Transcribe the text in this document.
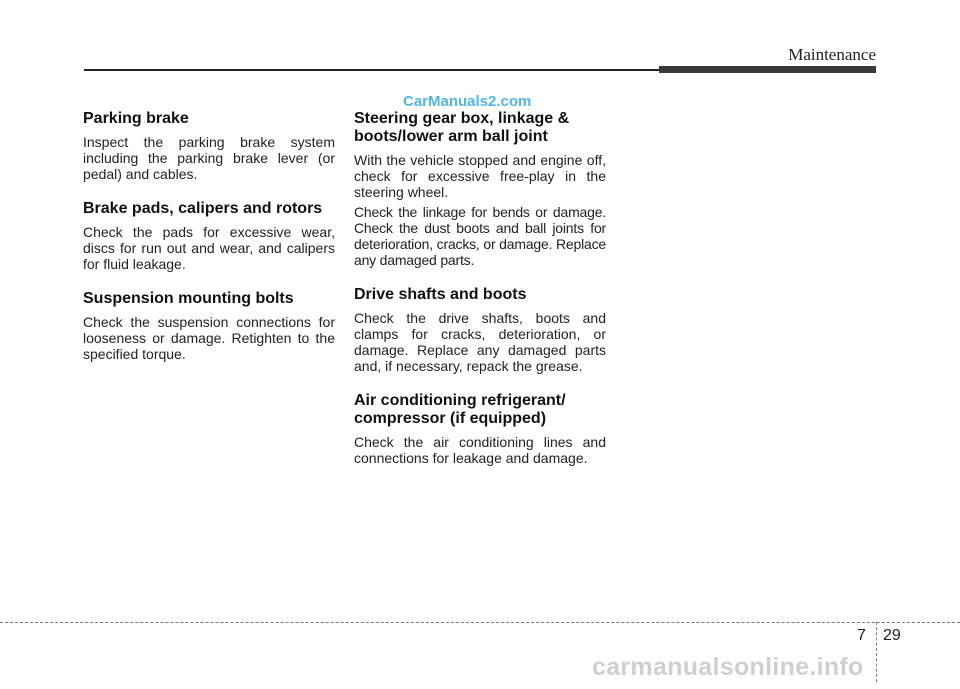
Maintenance
CarManuals2.com
Parking brake

Inspect the parking brake system including the parking brake lever (or pedal) and cables.

Brake pads, calipers and rotors

Check the pads for excessive wear, discs for run out and wear, and calipers for fluid leakage.

Suspension mounting bolts

Check the suspension connections for looseness or damage. Retighten to the specified torque.

Steering gear box, linkage & boots/lower arm ball joint

With the vehicle stopped and engine off, check for excessive free-play in the steering wheel.

Check the linkage for bends or damage. Check the dust boots and ball joints for deterioration, cracks, or damage. Replace any damaged parts.

Drive shafts and boots

Check the drive shafts, boots and clamps for cracks, deterioration, or damage. Replace any damaged parts and, if necessary, repack the grease.

Air conditioning refrigerant/ compressor (if equipped)

Check the air conditioning lines and connections for leakage and damage.

7 29
carmanualsonline.info
